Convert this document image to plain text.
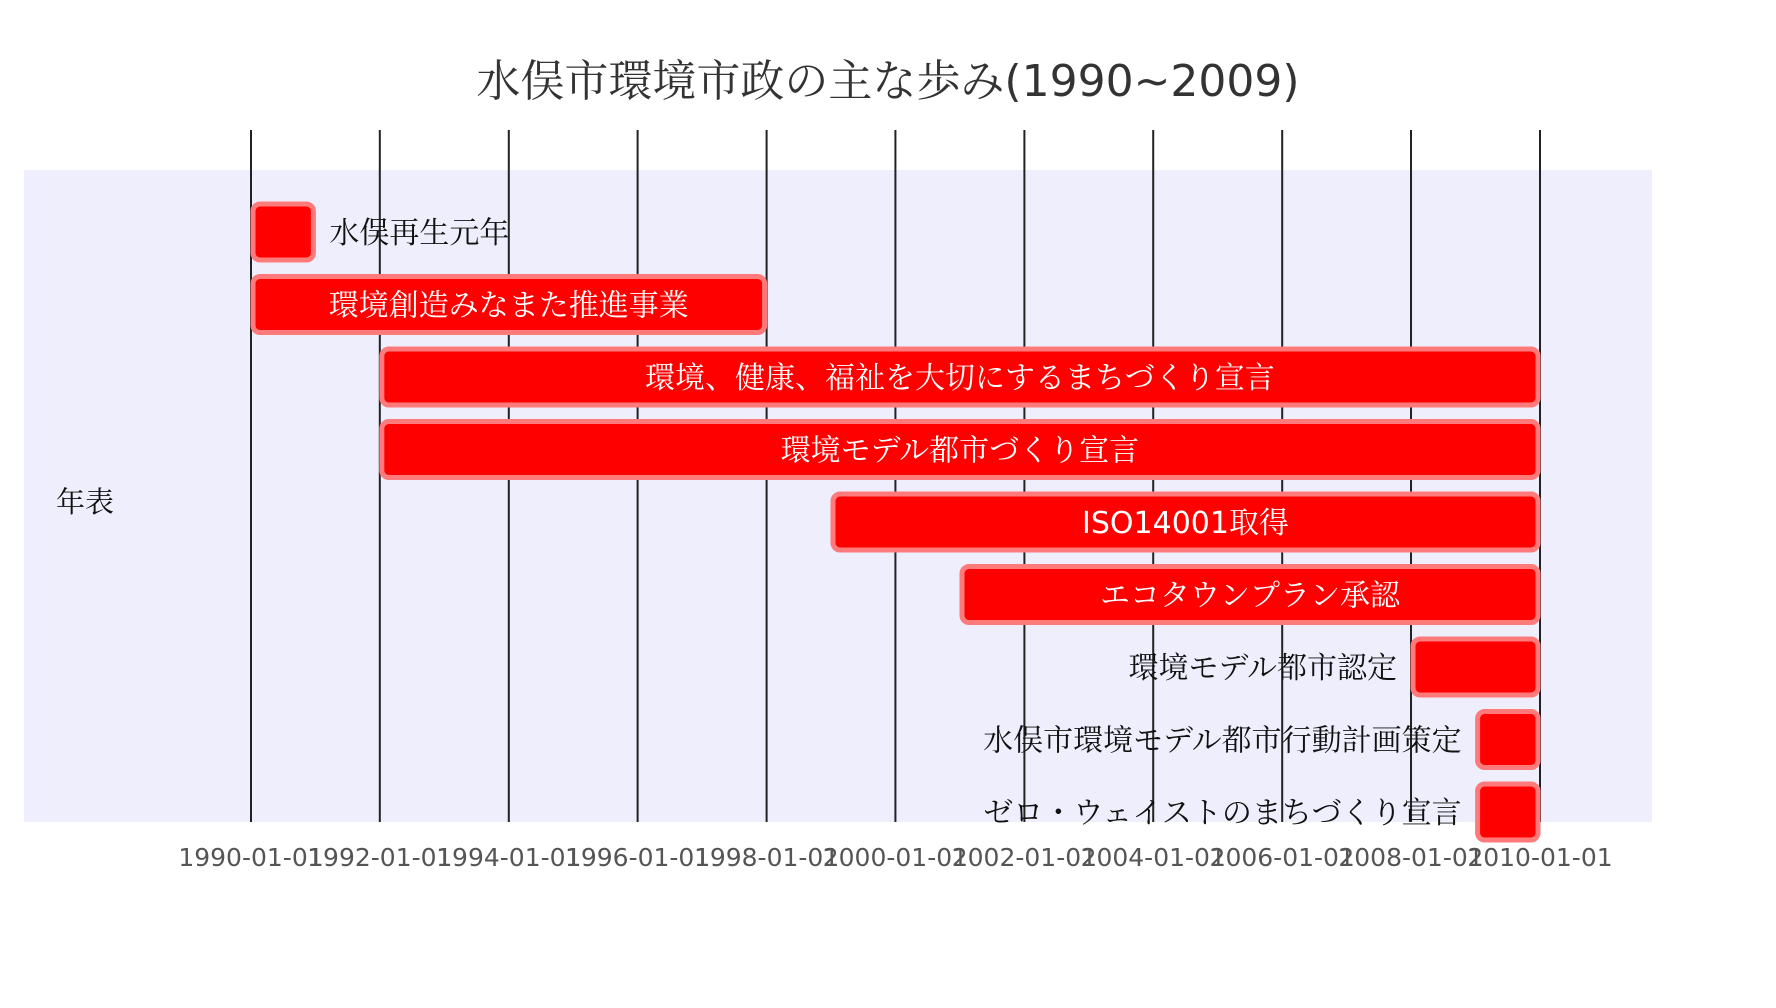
水俣再生元年
環境創造みなまた推進事業
環境、健康、福祉を大切にするまちづくり宣言
環境モデル都市づくり宣言
ISO14001取得
エコタウンプラン承認
環境モデル都市認定
水俣市環境モデル都市行動計画策定
ゼロ・ウェイストのまちづくり宣言
1990-01-01
1992-01-01
1994-01-01
1996-01-01
1998-01-01
2000-01-01
2002-01-01
2004-01-01
2006-01-01
2008-01-01
2010-01-01
水俣市環境市政の主な歩み(1990~2009)
年表
